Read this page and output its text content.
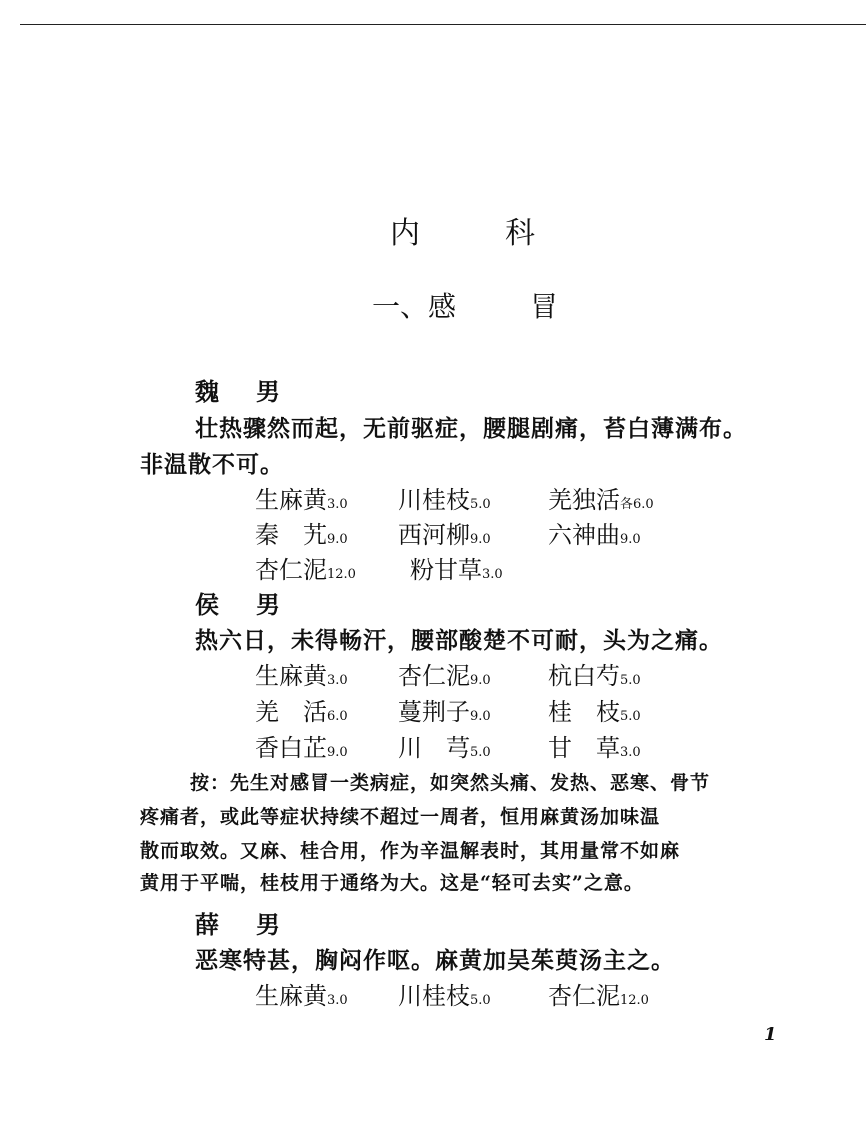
内	科
一、感	冒
魏 男
壮热骤然而起，无前驱症，腰腿剧痛，苔白薄满布。
非温散不可。
生麻黄3.0 川桂枝5.0 羌独活各6.0
秦　艽9.0 西河柳9.0 六神曲9.0
杏仁泥12.0 粉甘草3.0
侯 男
热六日，未得畅汗，腰部酸楚不可耐，头为之痛。
生麻黄3.0 杏仁泥9.0 杭白芍5.0
羌　活6.0 蔓荆子9.0 桂　枝5.0
香白芷9.0 川　芎5.0 甘　草3.0
按：先生对感冒一类病症，如突然头痛、发热、恶寒、骨节
疼痛者，或此等症状持续不超过一周者，恒用麻黄汤加味温
散而取效。又麻、桂合用，作为辛温解表时，其用量常不如麻
黄用于平喘，桂枝用于通络为大。这是“轻可去实”之意。
薛 男
恶寒特甚，胸闷作呕。麻黄加吴茱萸汤主之。
生麻黄3.0 川桂枝5.0 杏仁泥12.0
1
